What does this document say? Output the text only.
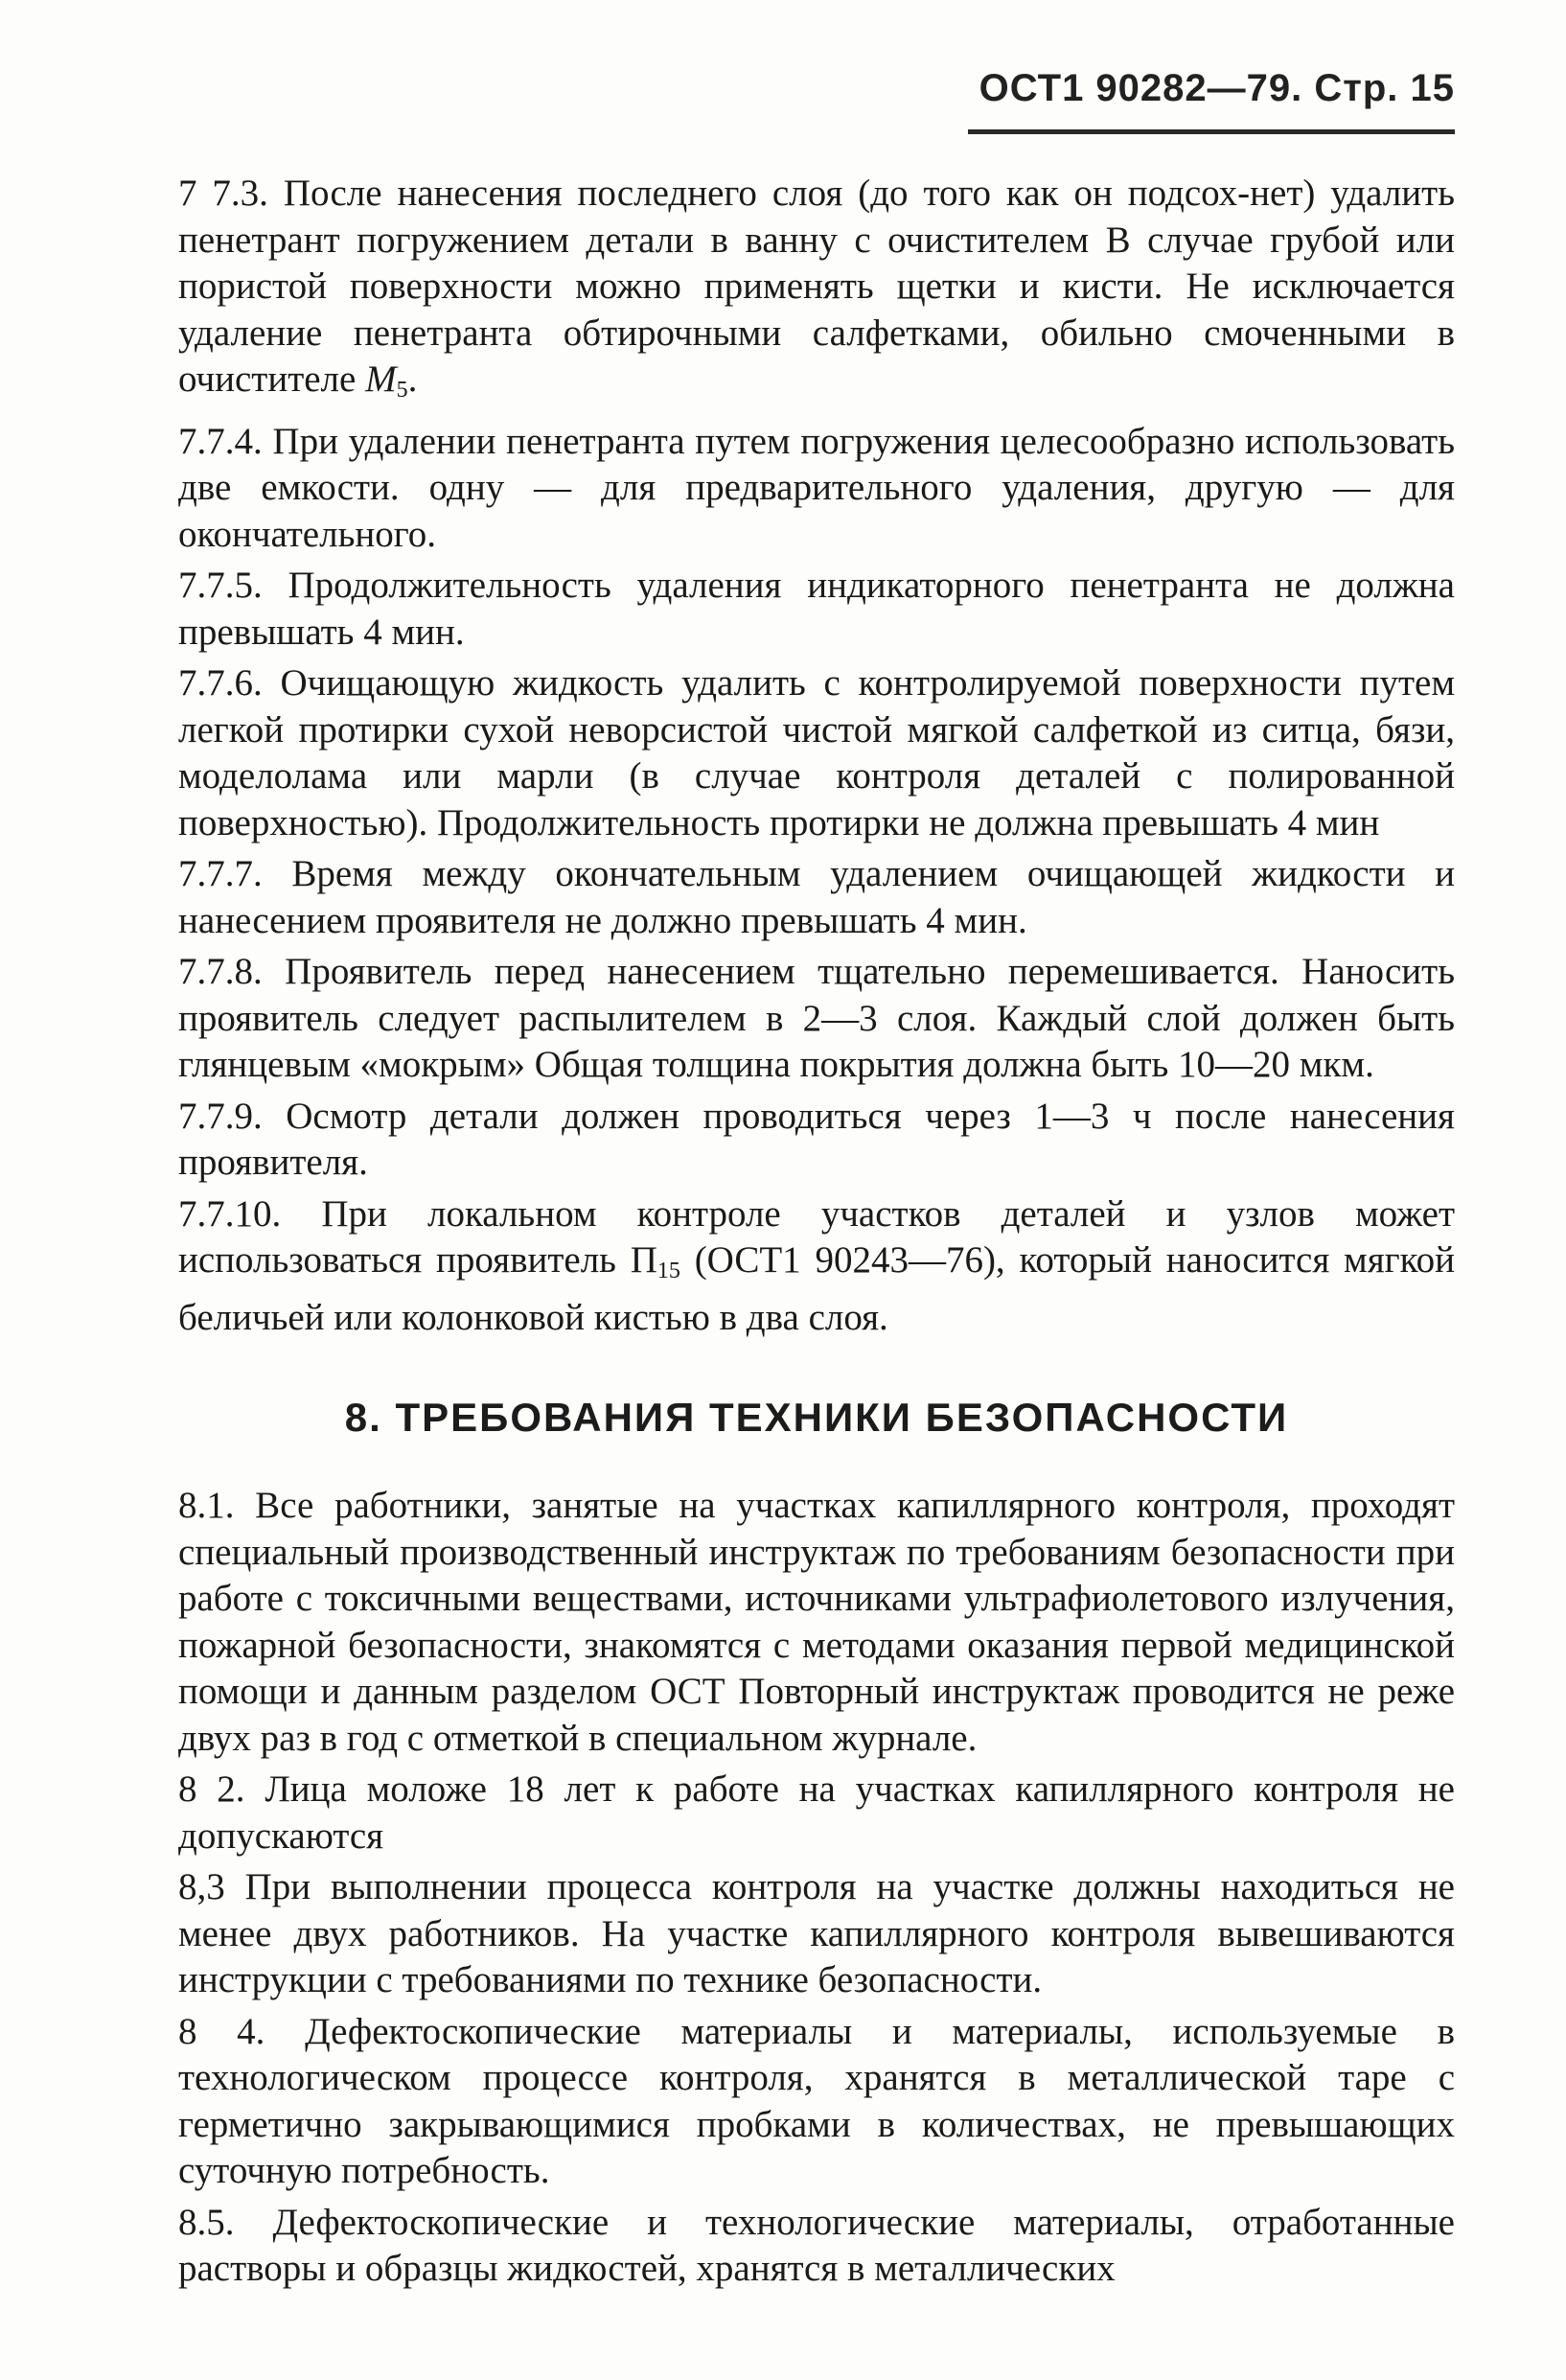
ОСТ1 90282—79. Стр. 15

7 7.3. После нанесения последнего слоя (до того как он подсох-нет) удалить пенетрант погружением детали в ванну с очистителем В случае грубой или пористой поверхности можно применять щетки и кисти. Не исключается удаление пенетранта обтирочными салфетками, обильно смоченными в очистителе $М_5$.

7.7.4. При удалении пенетранта путем погружения целесообразно использовать две емкости. одну — для предварительного удаления, другую — для окончательного.

7.7.5. Продолжительность удаления индикаторного пенетранта не должна превышать 4 мин.

7.7.6. Очищающую жидкость удалить с контролируемой поверхности путем легкой протирки сухой неворсистой чистой мягкой салфеткой из ситца, бязи, моделолама или марли (в случае контроля деталей с полированной поверхностью). Продолжительность протирки не должна превышать 4 мин

7.7.7. Время между окончательным удалением очищающей жидкости и нанесением проявителя не должно превышать 4 мин.

7.7.8. Проявитель перед нанесением тщательно перемешивается. Наносить проявитель следует распылителем в 2—3 слоя. Каждый слой должен быть глянцевым «мокрым» Общая толщина покрытия должна быть 10—20 мкм.

7.7.9. Осмотр детали должен проводиться через 1—3 ч после нанесения проявителя.

7.7.10. При локальном контроле участков деталей и узлов может использоваться проявитель $П_{15}$ (ОСТ1 90243—76), который наносится мягкой беличьей или колонковой кистью в два слоя.

8. ТРЕБОВАНИЯ ТЕХНИКИ БЕЗОПАСНОСТИ

8.1. Все работники, занятые на участках капиллярного контроля, проходят специальный производственный инструктаж по требованиям безопасности при работе с токсичными веществами, источниками ультрафиолетового излучения, пожарной безопасности, знакомятся с методами оказания первой медицинской помощи и данным разделом ОСТ Повторный инструктаж проводится не реже двух раз в год с отметкой в специальном журнале.

8 2. Лица моложе 18 лет к работе на участках капиллярного контроля не допускаются

8,3 При выполнении процесса контроля на участке должны находиться не менее двух работников. На участке капиллярного контроля вывешиваются инструкции с требованиями по технике безопасности.

8 4. Дефектоскопические материалы и материалы, используемые в технологическом процессе контроля, хранятся в металлической таре с герметично закрывающимися пробками в количествах, не превышающих суточную потребность.

8.5. Дефектоскопические и технологические материалы, отработанные растворы и образцы жидкостей, хранятся в металлических
